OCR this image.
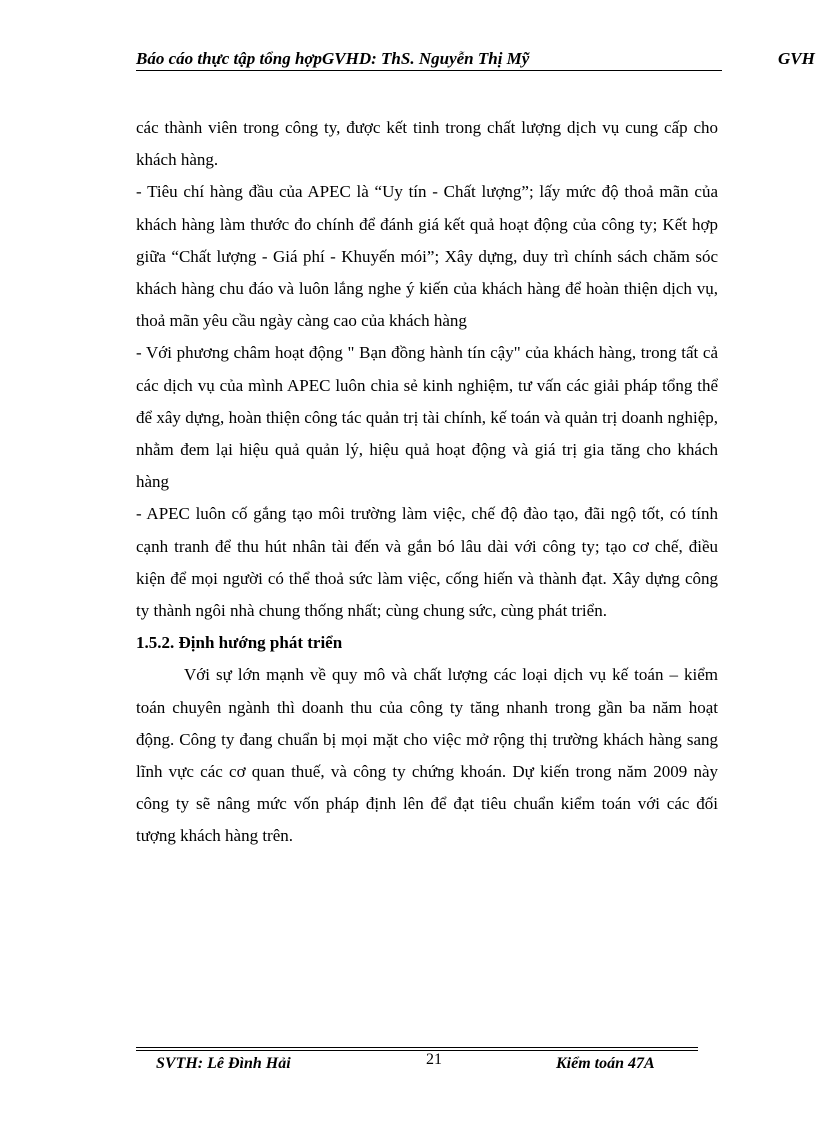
Báo cáo thực tập tổng hợpGVHD: ThS. Nguyễn Thị Mỹ	GVH

các thành viên trong công ty, được kết tinh trong chất lượng dịch vụ cung cấp cho khách hàng.

- Tiêu chí hàng đầu của APEC là “Uy tín - Chất lượng”; lấy mức độ thoả mãn của khách hàng làm thước đo chính để đánh giá kết quả hoạt động của công ty; Kết hợp giữa “Chất lượng - Giá phí - Khuyến mói”; Xây dựng, duy trì chính sách chăm sóc khách hàng chu đáo và luôn lắng nghe ý kiến của khách hàng để hoàn thiện dịch vụ, thoả mãn yêu cầu ngày càng cao của khách hàng

- Với phương châm hoạt động " Bạn đồng hành tín cậy" của khách hàng, trong tất cả các dịch vụ của mình APEC luôn chia sẻ kinh nghiệm, tư vấn các giải pháp tổng thể để xây dựng, hoàn thiện công tác quản trị tài chính, kế toán và quản trị doanh nghiệp, nhằm đem lại hiệu quả quản lý, hiệu quả hoạt động và giá trị gia tăng cho khách hàng

- APEC luôn cố gắng tạo môi trường làm việc, chế độ đào tạo, đãi ngộ tốt, có tính cạnh tranh để thu hút nhân tài đến và gắn bó lâu dài với công ty; tạo cơ chế, điều kiện để mọi người có thể thoả sức làm việc, cống hiến và thành đạt. Xây dựng công ty thành ngôi nhà chung thống nhất; cùng chung sức, cùng phát triển.

1.5.2. Định hướng phát triển

Với sự lớn mạnh về quy mô và chất lượng các loại dịch vụ kế toán – kiểm toán chuyên ngành thì doanh thu của công ty tăng nhanh trong gần ba năm hoạt động. Công ty đang chuẩn bị mọi mặt cho việc mở rộng thị trường khách hàng sang lĩnh vực các cơ quan thuế, và công ty chứng khoán. Dự kiến trong năm 2009 này công ty sẽ nâng mức vốn pháp định lên để đạt tiêu chuẩn kiểm toán với các đối tượng khách hàng trên.

SVTH: Lê Đình Hải	21	Kiểm toán 47A
